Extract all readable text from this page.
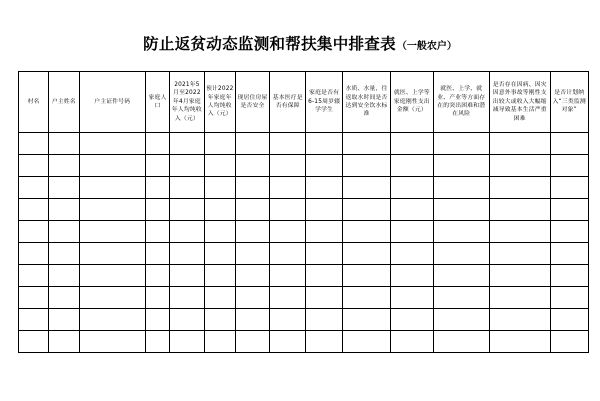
防止返贫动态监测和帮扶集中排查表（一般农户）
村名	户主姓名	户主证件号码	家庭人口	2021年5月至2022年4月家庭年人均纯收入（元）	预计2022年家庭年人均纯收入（元）	现居住房屋是否安全	基本医疗是否有保障	家庭是否有6-15周岁辍学学生	水质、水量，往返取水时间是否达到安全饮水标准	就医、上学等家庭刚性支出金额（元）	就医、上学、就业、产业等方面存在的突出困难和潜在风险	是否存在因病、因灾因意外事故等刚性支出较大或收入大幅缩减导致基本生活严重困难	是否计划纳入“三类监测对象”
